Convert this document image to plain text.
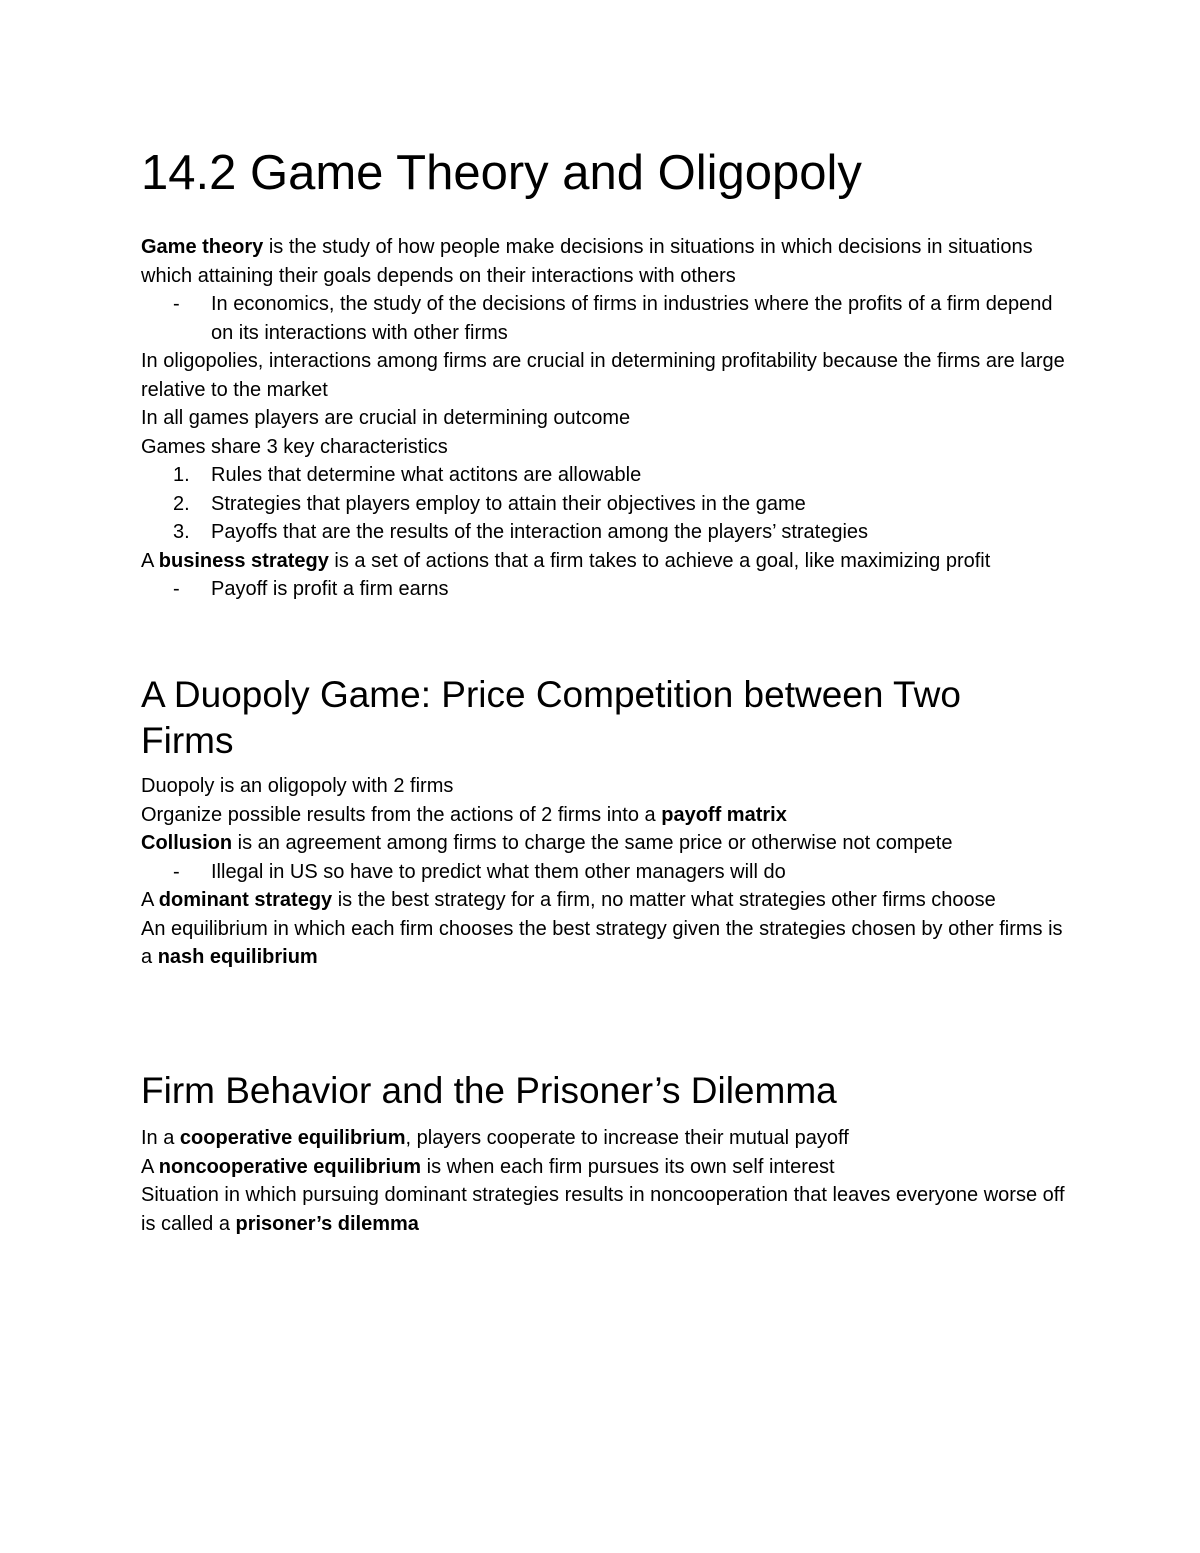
14.2 Game Theory and Oligopoly

Game theory is the study of how people make decisions in situations in which decisions in situations which attaining their goals depends on their interactions with others

- In economics, the study of the decisions of firms in industries where the profits of a firm depend on its interactions with other firms

In oligopolies, interactions among firms are crucial in determining profitability because the firms are large relative to the market

In all games players are crucial in determining outcome

Games share 3 key characteristics

1. Rules that determine what actitons are allowable

2. Strategies that players employ to attain their objectives in the game

3. Payoffs that are the results of the interaction among the players’ strategies

A business strategy is a set of actions that a firm takes to achieve a goal, like maximizing profit

- Payoff is profit a firm earns

A Duopoly Game: Price Competition between Two Firms

Duopoly is an oligopoly with 2 firms

Organize possible results from the actions of 2 firms into a payoff matrix

Collusion is an agreement among firms to charge the same price or otherwise not compete

- Illegal in US so have to predict what them other managers will do

A dominant strategy is the best strategy for a firm, no matter what strategies other firms choose

An equilibrium in which each firm chooses the best strategy given the strategies chosen by other firms is a nash equilibrium

Firm Behavior and the Prisoner’s Dilemma

In a cooperative equilibrium, players cooperate to increase their mutual payoff

A noncooperative equilibrium is when each firm pursues its own self interest

Situation in which pursuing dominant strategies results in noncooperation that leaves everyone worse off is called a prisoner’s dilemma
